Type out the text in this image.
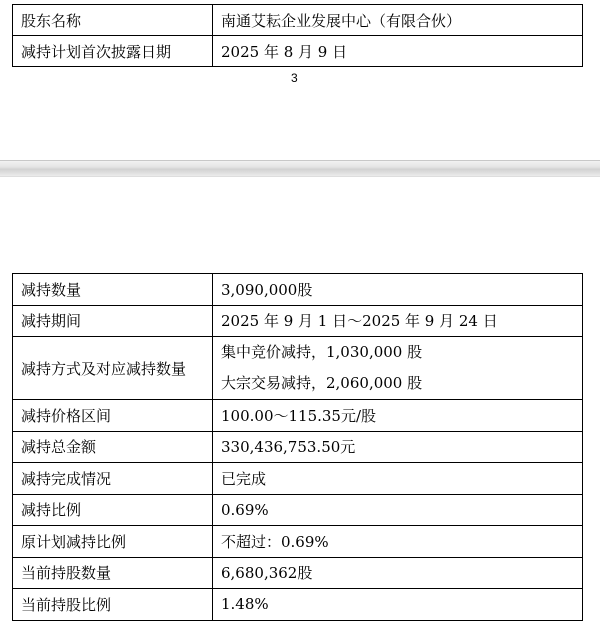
股东名称	南通艾耘企业发展中心（有限合伙）
减持计划首次披露日期	2025 年 8 月 9 日
3
减持数量	3,090,000股
减持期间	2025 年 9 月 1 日～2025 年 9 月 24 日
减持方式及对应减持数量	集中竞价减持，1,030,000 股
大宗交易减持，2,060,000 股

减持价格区间	100.00～115.35元/股
减持总金额	330,436,753.50元
减持完成情况	已完成
减持比例	0.69%
原计划减持比例	不超过：0.69%
当前持股数量	6,680,362股
当前持股比例	1.48%
